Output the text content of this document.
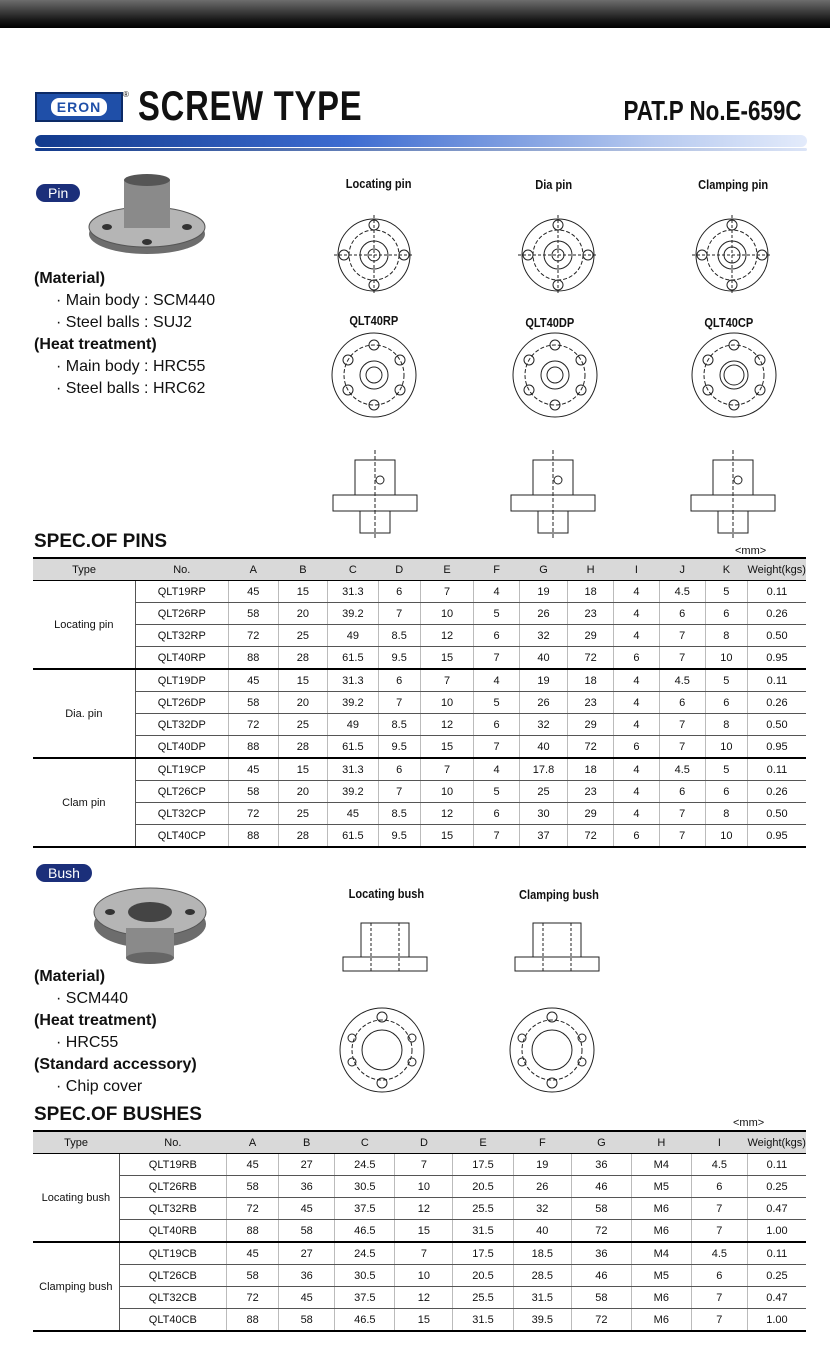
ERON
® SCREW TYPE	PAT.P No.E-659C
Pin
(Material)
· Main body : SCM440
· Steel balls : SUJ2
(Heat treatment)
· Main body : HRC55
· Steel balls : HRC62
Locating pin	Dia pin	Clamping pin
QLT40RP	QLT40DP	QLT40CP
SPEC.OF PINS	<mm>
Type	No.	A	B	C	D	E	F	G	H	I	J	K	Weight(kgs)
Locating pin	QLT19RP	45	15	31.3	6	7	4	19	18	4	4.5	5	0.11
	QLT26RP	58	20	39.2	7	10	5	26	23	4	6	6	0.26
	QLT32RP	72	25	49	8.5	12	6	32	29	4	7	8	0.50
	QLT40RP	88	28	61.5	9.5	15	7	40	72	6	7	10	0.95
Dia. pin	QLT19DP	45	15	31.3	6	7	4	19	18	4	4.5	5	0.11
	QLT26DP	58	20	39.2	7	10	5	26	23	4	6	6	0.26
	QLT32DP	72	25	49	8.5	12	6	32	29	4	7	8	0.50
	QLT40DP	88	28	61.5	9.5	15	7	40	72	6	7	10	0.95
Clam pin	QLT19CP	45	15	31.3	6	7	4	17.8	18	4	4.5	5	0.11
	QLT26CP	58	20	39.2	7	10	5	25	23	4	6	6	0.26
	QLT32CP	72	25	45	8.5	12	6	30	29	4	7	8	0.50
	QLT40CP	88	28	61.5	9.5	15	7	37	72	6	7	10	0.95
Bush
(Material)
· SCM440
(Heat treatment)
· HRC55
(Standard accessory)
· Chip cover
Locating bush	Clamping bush
SPEC.OF BUSHES	<mm>
Type	No.	A	B	C	D	E	F	G	H	I	Weight(kgs)
Locating bush	QLT19RB	45	27	24.5	7	17.5	19	36	M4	4.5	0.11
	QLT26RB	58	36	30.5	10	20.5	26	46	M5	6	0.25
	QLT32RB	72	45	37.5	12	25.5	32	58	M6	7	0.47
	QLT40RB	88	58	46.5	15	31.5	40	72	M6	7	1.00
Clamping bush	QLT19CB	45	27	24.5	7	17.5	18.5	36	M4	4.5	0.11
	QLT26CB	58	36	30.5	10	20.5	28.5	46	M5	6	0.25
	QLT32CB	72	45	37.5	12	25.5	31.5	58	M6	7	0.47
	QLT40CB	88	58	46.5	15	31.5	39.5	72	M6	7	1.00
